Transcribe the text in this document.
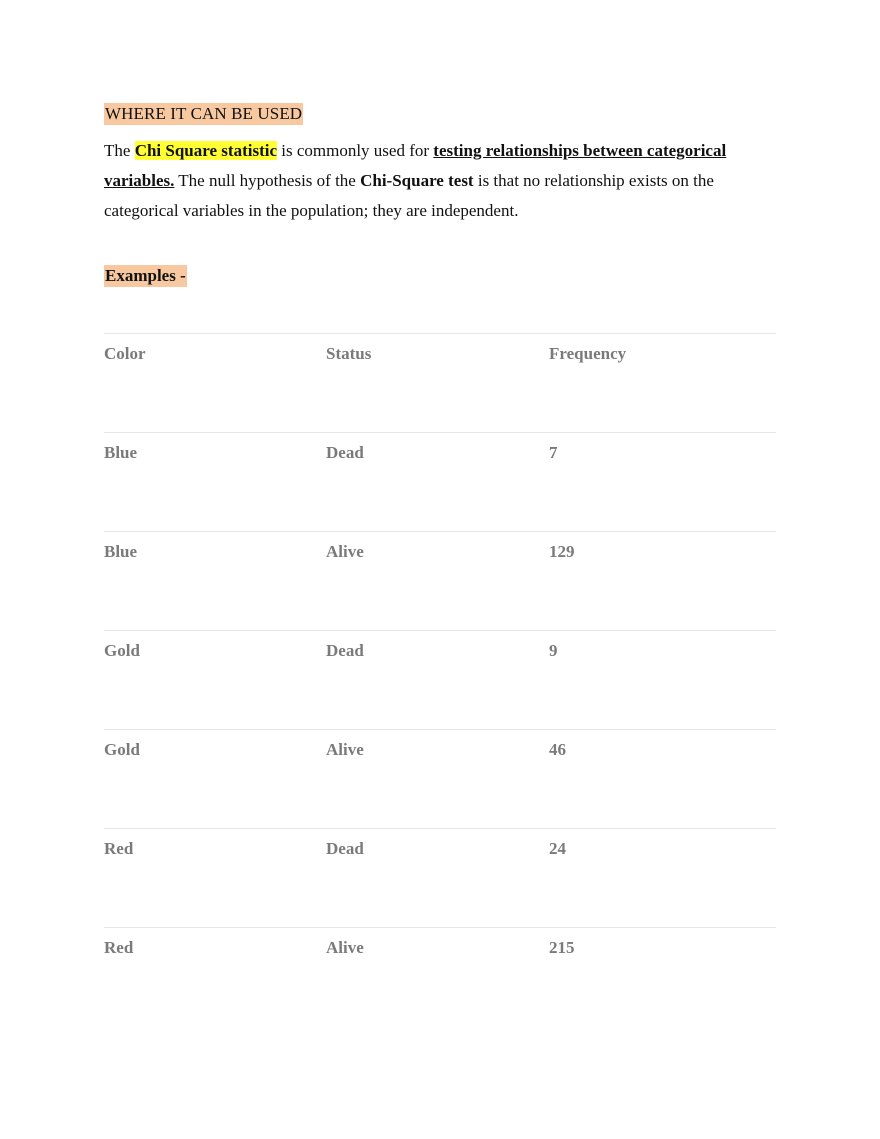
WHERE IT CAN BE USED
The Chi Square statistic is commonly used for testing relationships between categorical variables. The null hypothesis of the Chi-Square test is that no relationship exists on the categorical variables in the population; they are independent.
Examples -
Color	Status	Frequency
Blue	Dead	7
Blue	Alive	129
Gold	Dead	9
Gold	Alive	46
Red	Dead	24
Red	Alive	215
